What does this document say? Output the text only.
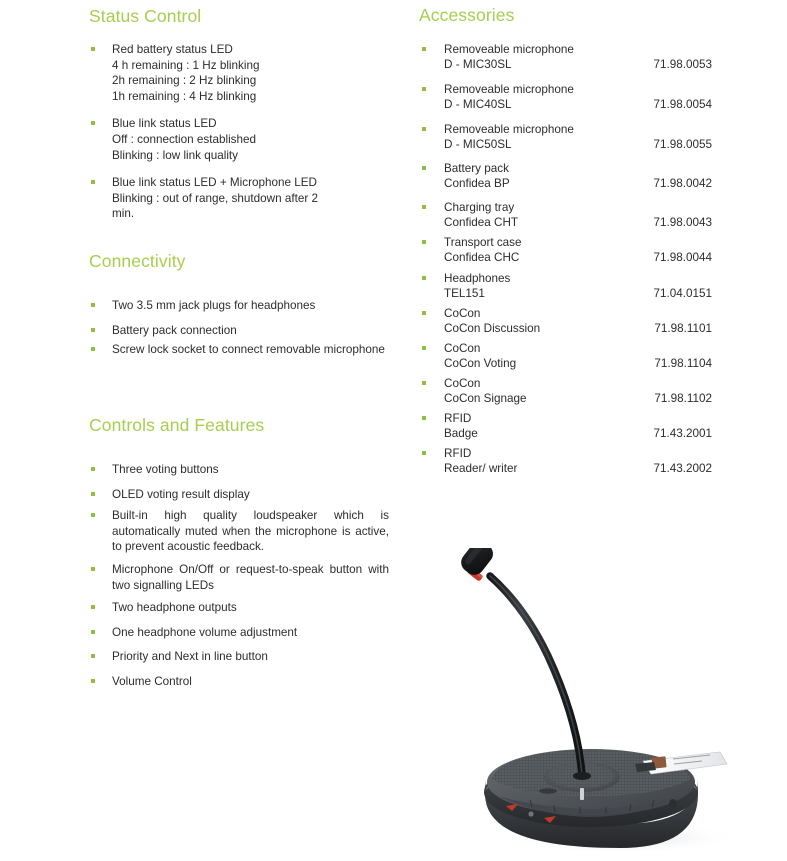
Status Control
Red battery status LED
4 h remaining : 1 Hz blinking
2h remaining : 2 Hz blinking
1h remaining : 4 Hz blinking
Blue link status LED
Off : connection established
Blinking : low link quality
Blue link status LED + Microphone LED
Blinking : out of range, shutdown after 2
min.
Connectivity
Two 3.5 mm jack plugs for headphones
Battery pack connection
Screw lock socket to connect removable microphone
Controls and Features
Three voting buttons
OLED voting result display
Built-in high quality loudspeaker which is automatically muted when the microphone is active, to prevent acoustic feedback.
Microphone On/Off or request-to-speak button with two signalling LEDs
Two headphone outputs
One headphone volume adjustment
Priority and Next in line button
Volume Control
Accessories
Removeable microphone
D - MIC30SL	71.98.0053
Removeable microphone
D - MIC40SL	71.98.0054
Removeable microphone
D - MIC50SL	71.98.0055
Battery pack
Confidea BP	71.98.0042
Charging tray
Confidea CHT	71.98.0043
Transport case
Confidea CHC	71.98.0044
Headphones
TEL151	71.04.0151
CoCon
CoCon Discussion	71.98.1101
CoCon
CoCon Voting	71.98.1104
CoCon
CoCon Signage	71.98.1102
RFID
Badge	71.43.2001
RFID
Reader/ writer	71.43.2002
